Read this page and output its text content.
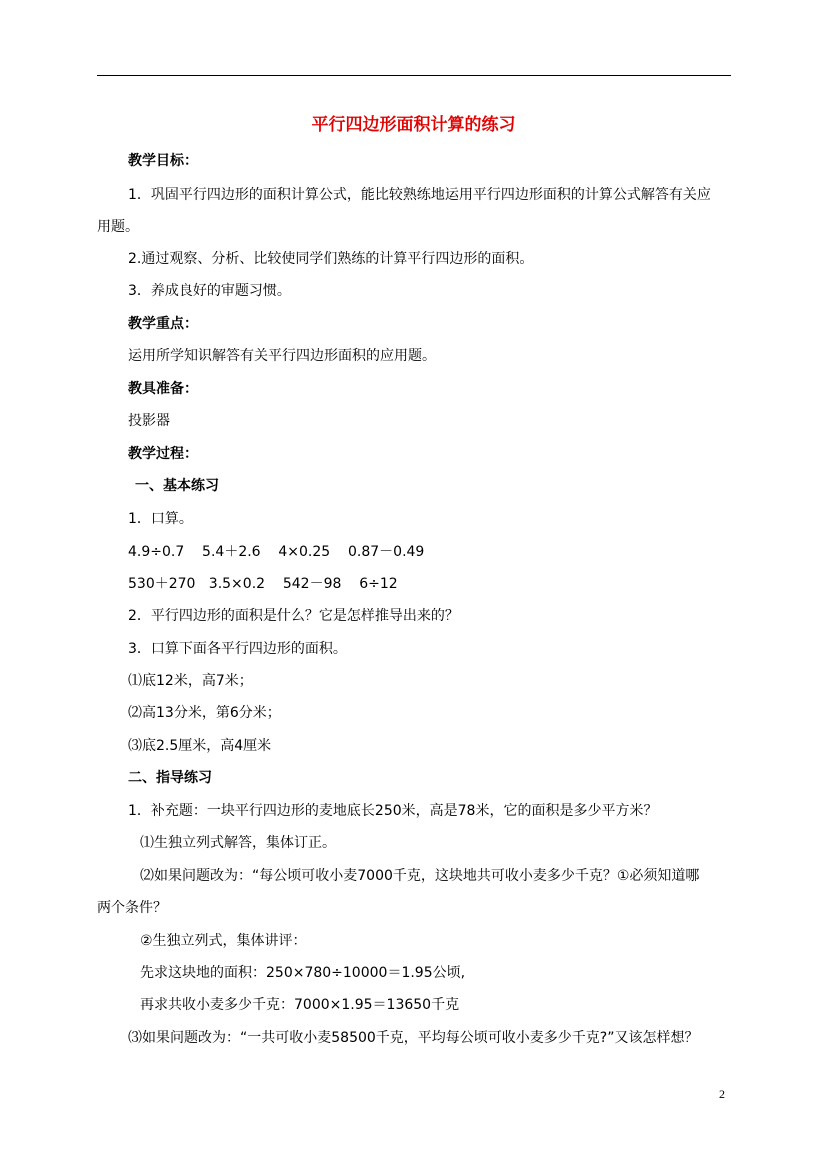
平行四边形面积计算的练习
教学目标：
1．巩固平行四边形的面积计算公式，能比较熟练地运用平行四边形面积的计算公式解答有关应
用题。
2.通过观察、分析、比较使同学们熟练的计算平行四边形的面积。
3．养成良好的审题习惯。
教学重点：
运用所学知识解答有关平行四边形面积的应用题。
教具准备：
投影器
教学过程：
一、基本练习
1．口算。
4.9÷0.7    5.4＋2.6    4×0.25    0.87－0.49
530＋270   3.5×0.2    542－98    6÷12
2．平行四边形的面积是什么？它是怎样推导出来的？
3．口算下面各平行四边形的面积。
⑴底12米，高7米；
⑵高13分米，第6分米；
⑶底2.5厘米，高4厘米
二、指导练习
1．补充题：一块平行四边形的麦地底长250米，高是78米，它的面积是多少平方米？
⑴生独立列式解答，集体订正。
⑵如果问题改为：“每公顷可收小麦7000千克，这块地共可收小麦多少千克？①必须知道哪
两个条件？
②生独立列式，集体讲评：
先求这块地的面积：250×780÷10000＝1.95公顷,
再求共收小麦多少千克：7000×1.95＝13650千克
⑶如果问题改为：“一共可收小麦58500千克，平均每公顷可收小麦多少千克?”又该怎样想？
2
